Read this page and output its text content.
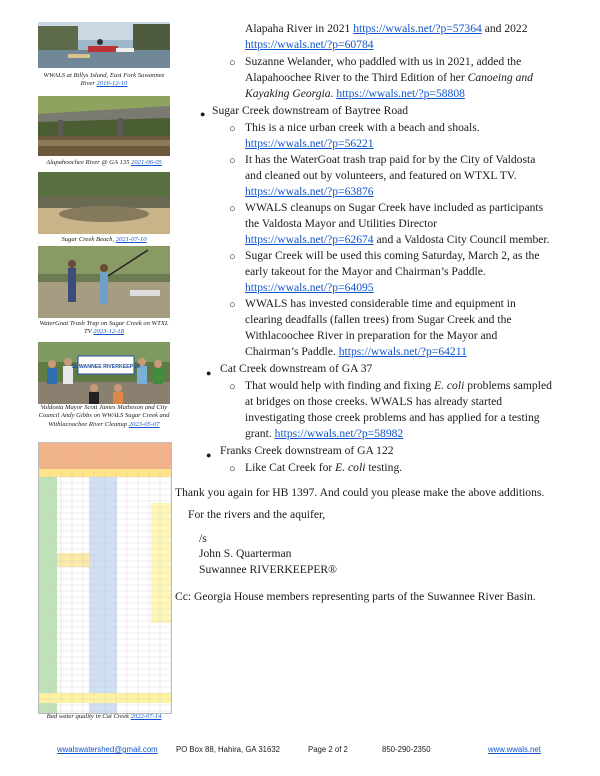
WWALS at Billys Island, East Fork Suwannee River 2016-12-10
Alapahoochee River @ GA 135 2021-06-05
Sugar Creek Beach, 2021-07-10
WaterGoat Trash Trap on Sugar Creek on WTXL TV 2023-12-18
SUWANNEE RIVERKEEPER
Valdosta Mayor Scott James Matheson and City Council Andy Gibbs on WWALS Sugar Creek and Withlacoochee River Cleanup 2023-05-07
Bad water quality in Cat Creek 2022-07-14
Alapaha River in 2021 https://wwals.net/?p=57364 and 2022
https://wwals.net/?p=60784
○ Suzanne Welander, who paddled with us in 2021, added the
Alapahoochee River to the Third Edition of her Canoeing and
Kayaking Georgia. https://wwals.net/?p=58808
● Sugar Creek downstream of Baytree Road
○ This is a nice urban creek with a beach and shoals.
https://wwals.net/?p=56221
○ It has the WaterGoat trash trap paid for by the City of Valdosta
and cleaned out by volunteers, and featured on WTXL TV.
https://wwals.net/?p=63876
○ WWALS cleanups on Sugar Creek have included as participants
the Valdosta Mayor and Utilities Director
https://wwals.net/?p=62674 and a Valdosta City Council member.
○ Sugar Creek will be used this coming Saturday, March 2, as the
early takeout for the Mayor and Chairman’s Paddle.
https://wwals.net/?p=64095
○ WWALS has invested considerable time and equipment in
clearing deadfalls (fallen trees) from Sugar Creek and the
Withlacoochee River in preparation for the Mayor and
Chairman’s Paddle. https://wwals.net/?p=64211
● Cat Creek downstream of GA 37
○ That would help with finding and fixing E. coli problems sampled
at bridges on those creeks. WWALS has already started
investigating those creek problems and has applied for a testing
grant. https://wwals.net/?p=58982
● Franks Creek downstream of GA 122
○ Like Cat Creek for E. coli testing.
Thank you again for HB 1397. And could you please make the above additions.
For the rivers and the aquifer,
/s
John S. Quarterman
Suwannee RIVERKEEPER®
Cc: Georgia House members representing parts of the Suwannee River Basin.
wwalswatershed@gmail.com PO Box 88, Hahira, GA 31632	Page 2 of 2	850-290-2350	www.wwals.net
